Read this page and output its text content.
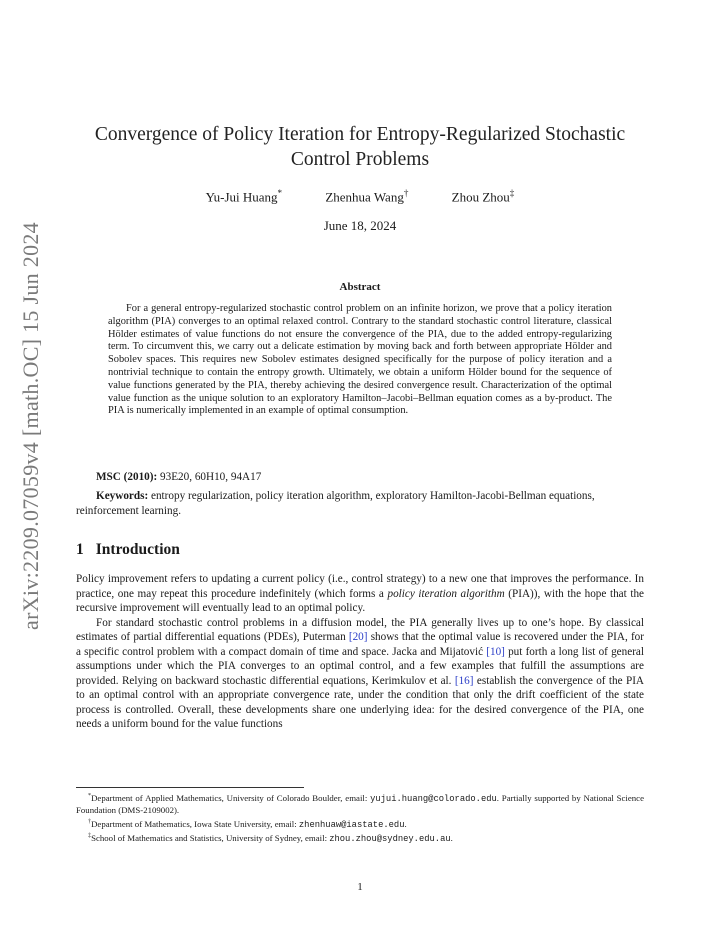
arXiv:2209.07059v4 [math.OC] 15 Jun 2024
Convergence of Policy Iteration for Entropy-Regularized Stochastic Control Problems
Yu-Jui Huang*	Zhenhua Wang†	Zhou Zhou‡
June 18, 2024
Abstract

For a general entropy-regularized stochastic control problem on an infinite horizon, we prove that a policy iteration algorithm (PIA) converges to an optimal relaxed control. Contrary to the standard stochastic control literature, classical Hölder estimates of value functions do not ensure the convergence of the PIA, due to the added entropy-regularizing term. To circumvent this, we carry out a delicate estimation by moving back and forth between appropriate Hölder and Sobolev spaces. This requires new Sobolev estimates designed specifically for the purpose of policy iteration and a nontrivial technique to contain the entropy growth. Ultimately, we obtain a uniform Hölder bound for the sequence of value functions generated by the PIA, thereby achieving the desired convergence result. Characterization of the optimal value function as the unique solution to an exploratory Hamilton–Jacobi–Bellman equation comes as a by-product. The PIA is numerically implemented in an example of optimal consumption.

MSC (2010): 93E20, 60H10, 94A17
Keywords: entropy regularization, policy iteration algorithm, exploratory Hamilton-Jacobi-Bellman equations, reinforcement learning.
1 Introduction

Policy improvement refers to updating a current policy (i.e., control strategy) to a new one that improves the performance. In practice, one may repeat this procedure indefinitely (which forms a policy iteration algorithm (PIA)), with the hope that the recursive improvement will eventually lead to an optimal policy.

For standard stochastic control problems in a diffusion model, the PIA generally lives up to one’s hope. By classical estimates of partial differential equations (PDEs), Puterman [20] shows that the optimal value is recovered under the PIA, for a specific control problem with a compact domain of time and space. Jacka and Mijatović [10] put forth a long list of general assumptions under which the PIA converges to an optimal control, and a few examples that fulfill the assumptions are provided. Relying on backward stochastic differential equations, Kerimkulov et al. [16] establish the convergence of the PIA to an optimal control with an appropriate convergence rate, under the condition that only the drift coefficient of the state process is controlled. Overall, these developments share one underlying idea: for the desired convergence of the PIA, one needs a uniform bound for the value functions

*Department of Applied Mathematics, University of Colorado Boulder, email: yujui.huang@colorado.edu. Partially supported by National Science Foundation (DMS-2109002).

†Department of Mathematics, Iowa State University, email: zhenhuaw@iastate.edu.

‡School of Mathematics and Statistics, University of Sydney, email: zhou.zhou@sydney.edu.au.

1
